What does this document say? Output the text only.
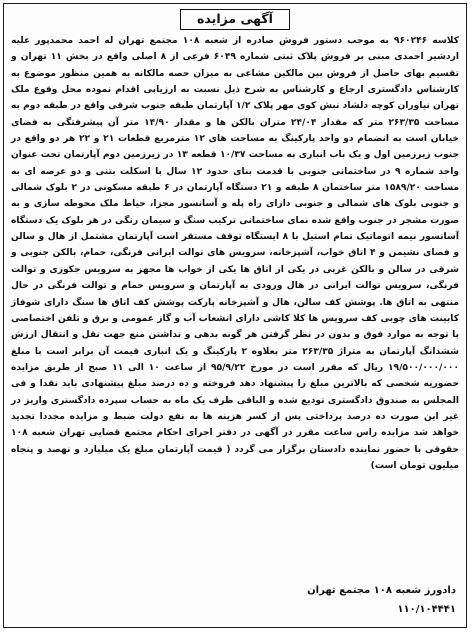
آگهی مزایده
کلاسه ۹۶۰۲۴۶ به موجب دستور فروش صادره از شعبه ۱۰۸ مجتمع تهران له احمد محمدپور علیه اردشیر احمدی مبنی بر فروش پلاک ثبتی شماره ۶۰۴۹ فرعی از ۸ اصلی واقع در بخش ۱۱ تهران و تقسیم بهای حاصل از فروش بین مالکین مشاعی به میزان حصه مالکانه به همین منظور موضوع به کارشناس دادگستری ارجاع و کارشناس به شرح ذیل نسبت به ارزیابی اقدام نموده محل وقوع ملک تهران نیاوران کوچه دلشاد نبش کوی مهر پلاک ۱/۲ آپارتمان طبقه جنوب شرقی واقع در طبقه دوم به مساحت ۲۶۳/۳۵ متر که مقدار ۲۴/۰۴ متران بالکن ها و مقدار ۱۴/۹۰ متر آن پیشرفتگی به فضای خیابان است به انضمام دو واحد پارکینگ به مساحت های ۱۲ مترمربع قطعات ۲۱ و ۲۲ هر دو واقع در جنوب زیرزمین اول و یک باب انباری به مساحت ۱۰/۳۷ قطعه ۱۳ در زیرزمین دوم آپارتمان تحت عنوان واحد شماره ۹ در ساختمانی جنوبی با قدمت بنای حدود ۱۲ سال با اسکلت بتنی و دو عرصه ای به مساحت ۱۵۸۹/۲۰ متر ساختمان ۸ طبقه و ۲۱ دستگاه آپارتمان در ۶ طبقه مسکونی در ۲ بلوک شمالی و جنوبی بلوک های شمالی و جنوبی دارای راه پله و آسانسور مجزا، حیاط ملک محوطه سازی و به صورت مشجر در جنوب واقع شده نمای ساختمانی ترکیب سنگ و سیمان رنگی در هر بلوک یک دستگاه آسانسور نیمه اتوماتیک تمام استیل با ۸ ایستگاه توقف مستقر است آپارتمان مشتمل از هال و سالن و فضای نشیمن و ۴ اتاق خواب، آشپزخانه، سرویس های توالت ایرانی فرنگی، حمام، بالکن جنوبی و شرقی در سالن و بالکن غربی در یکی از اتاق ها یکی از خواب ها مجهز به سرویس جکوزی و توالت فرنگی، سرویس توالت ایرانی در هال ورودی به آپارتمان و سرویس حمام و توالت فرنگی در حال منتهی به اتاق ها. پوشش کف سالن، هال و آشپزخانه پارکت پوشش کف اتاق ها سنگ دارای شوفاژ کابینت های چوبی کف سرویس ها کلا کاشی دارای انشعاب آب و گاز عمومی و برق و تلفن اختصاصی با توجه به موارد فوق و بدون در نظر گرفتن هر گونه بدهی و نداشتن منع جهت نقل و انتقال ارزش ششدانگ آپارتمان به متراژ ۲۶۳/۳۵ متر بعلاوه ۲ پارکینگ و یک انباری قیمت آن برابر است با مبلغ ۱۹/۵۰۰/۰۰۰/۰۰۰ ریال که مقرر است در مورخ ۹۵/۹/۲۲ از ساعت ۱۰ الی ۱۱ صبح از طریق مزایده حضوریه شخصی که بالاترین مبلغ را پیشنهاد دهد فروخته و ده درصد مبلغ پیشنهادی باید نقدا و فی المجلس به صندوق دادگستری تودیع شده و الباقی ظرف یک ماه به حساب سپرده دادگستری واریز در غیر این صورت ده درصد پرداختی پس از کسر هزینه ها به نفع دولت ضبط و مزایده مجددا تجدید خواهد شد مزایده راس ساعت مقرر در آگهی در دفتر اجرای احکام مجتمع قضایی تهران شعبه ۱۰۸ حقوقی با حضور نماینده دادستان برگزار می گردد ( قیمت آپارتمان مبلغ یک میلیارد و نهصد و پنجاه میلیون تومان است)
دادورز شعبه ۱۰۸ مجتمع تهران
۱۱۰/۱۰۴۴۴۱
